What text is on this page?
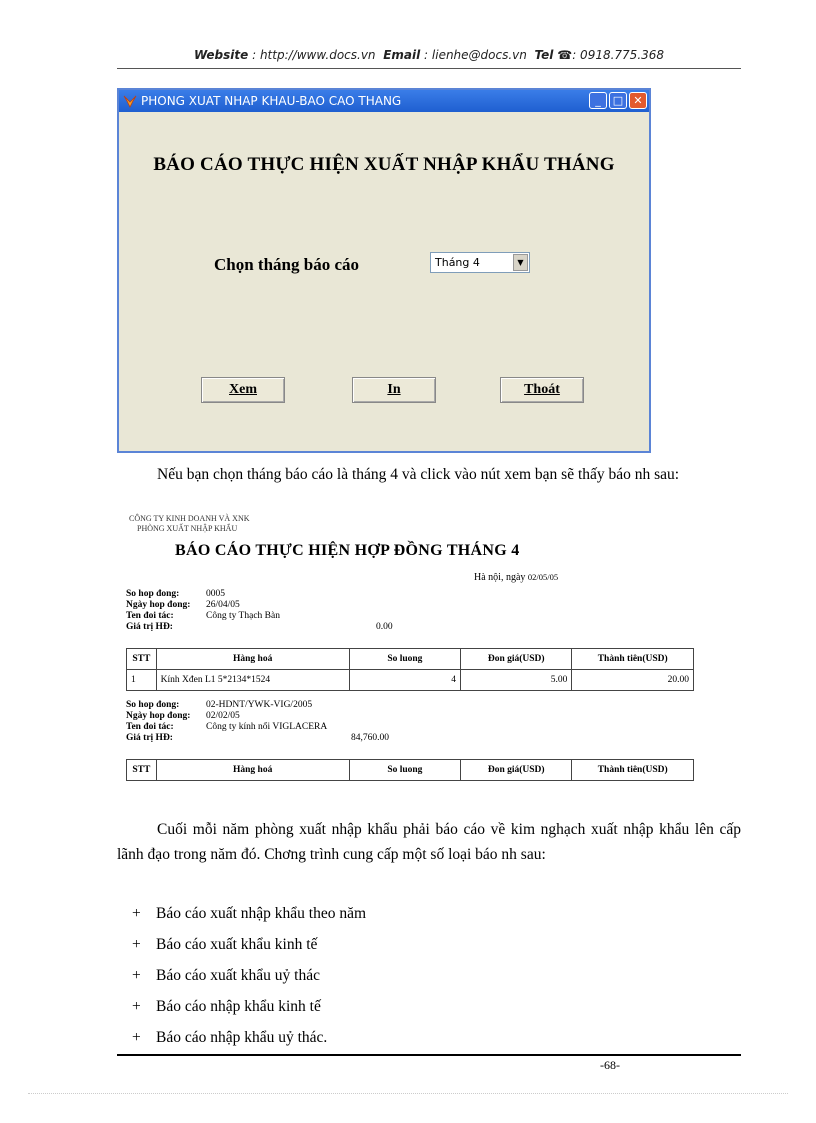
Website : http://www.docs.vn Email : lienhe@docs.vn Tel ☎: 0918.775.368
PHONG XUAT NHAP KHAU-BAO CAO THANG	_ □ ✕
BÁO CÁO THỰC HIỆN XUẤT NHẬP KHẨU THÁNG
Chọn tháng báo cáo	Tháng 4	▼
Xem	In	Thoát
Nếu bạn chọn tháng báo cáo là tháng 4 và click vào nút xem bạn sẽ thấy báo nh sau:
CÔNG TY KINH DOANH VÀ XNK
PHÒNG XUẤT NHẬP KHẨU
BÁO CÁO THỰC HIỆN HỢP ĐỒNG THÁNG 4
Hà nội, ngày 02/05/05
So hop đong:	0005
Ngày hop đong: 26/04/05
Ten đoi tác:	Công ty Thạch Bàn
Giá trị HĐ:	0.00
STT	Hàng hoá	So luong	Đon giá(USD)	Thành tiên(USD)
1	Kính Xđen L1 5*2134*1524	4	5.00	20.00
So hop đong:	02-HDNT/YWK-VIG/2005
Ngày hop đong: 02/02/05
Ten đoi tác:	Công ty kính nổi VIGLACERA
Giá trị HĐ:	84,760.00
STT	Hàng hoá	So luong	Đon giá(USD)	Thành tiên(USD)
Cuối mỗi năm phòng xuất nhập khẩu phải báo cáo về kim nghạch xuất nhập khẩu lên cấp lãnh đạo trong năm đó. Chơng trình cung cấp một số loại báo nh sau:
+ Báo cáo xuất nhập khẩu theo năm
+ Báo cáo xuất khẩu kinh tế
+ Báo cáo xuất khẩu uỷ thác
+ Báo cáo nhập khẩu kinh tế
+ Báo cáo nhập khẩu uỷ thác.
-68-
